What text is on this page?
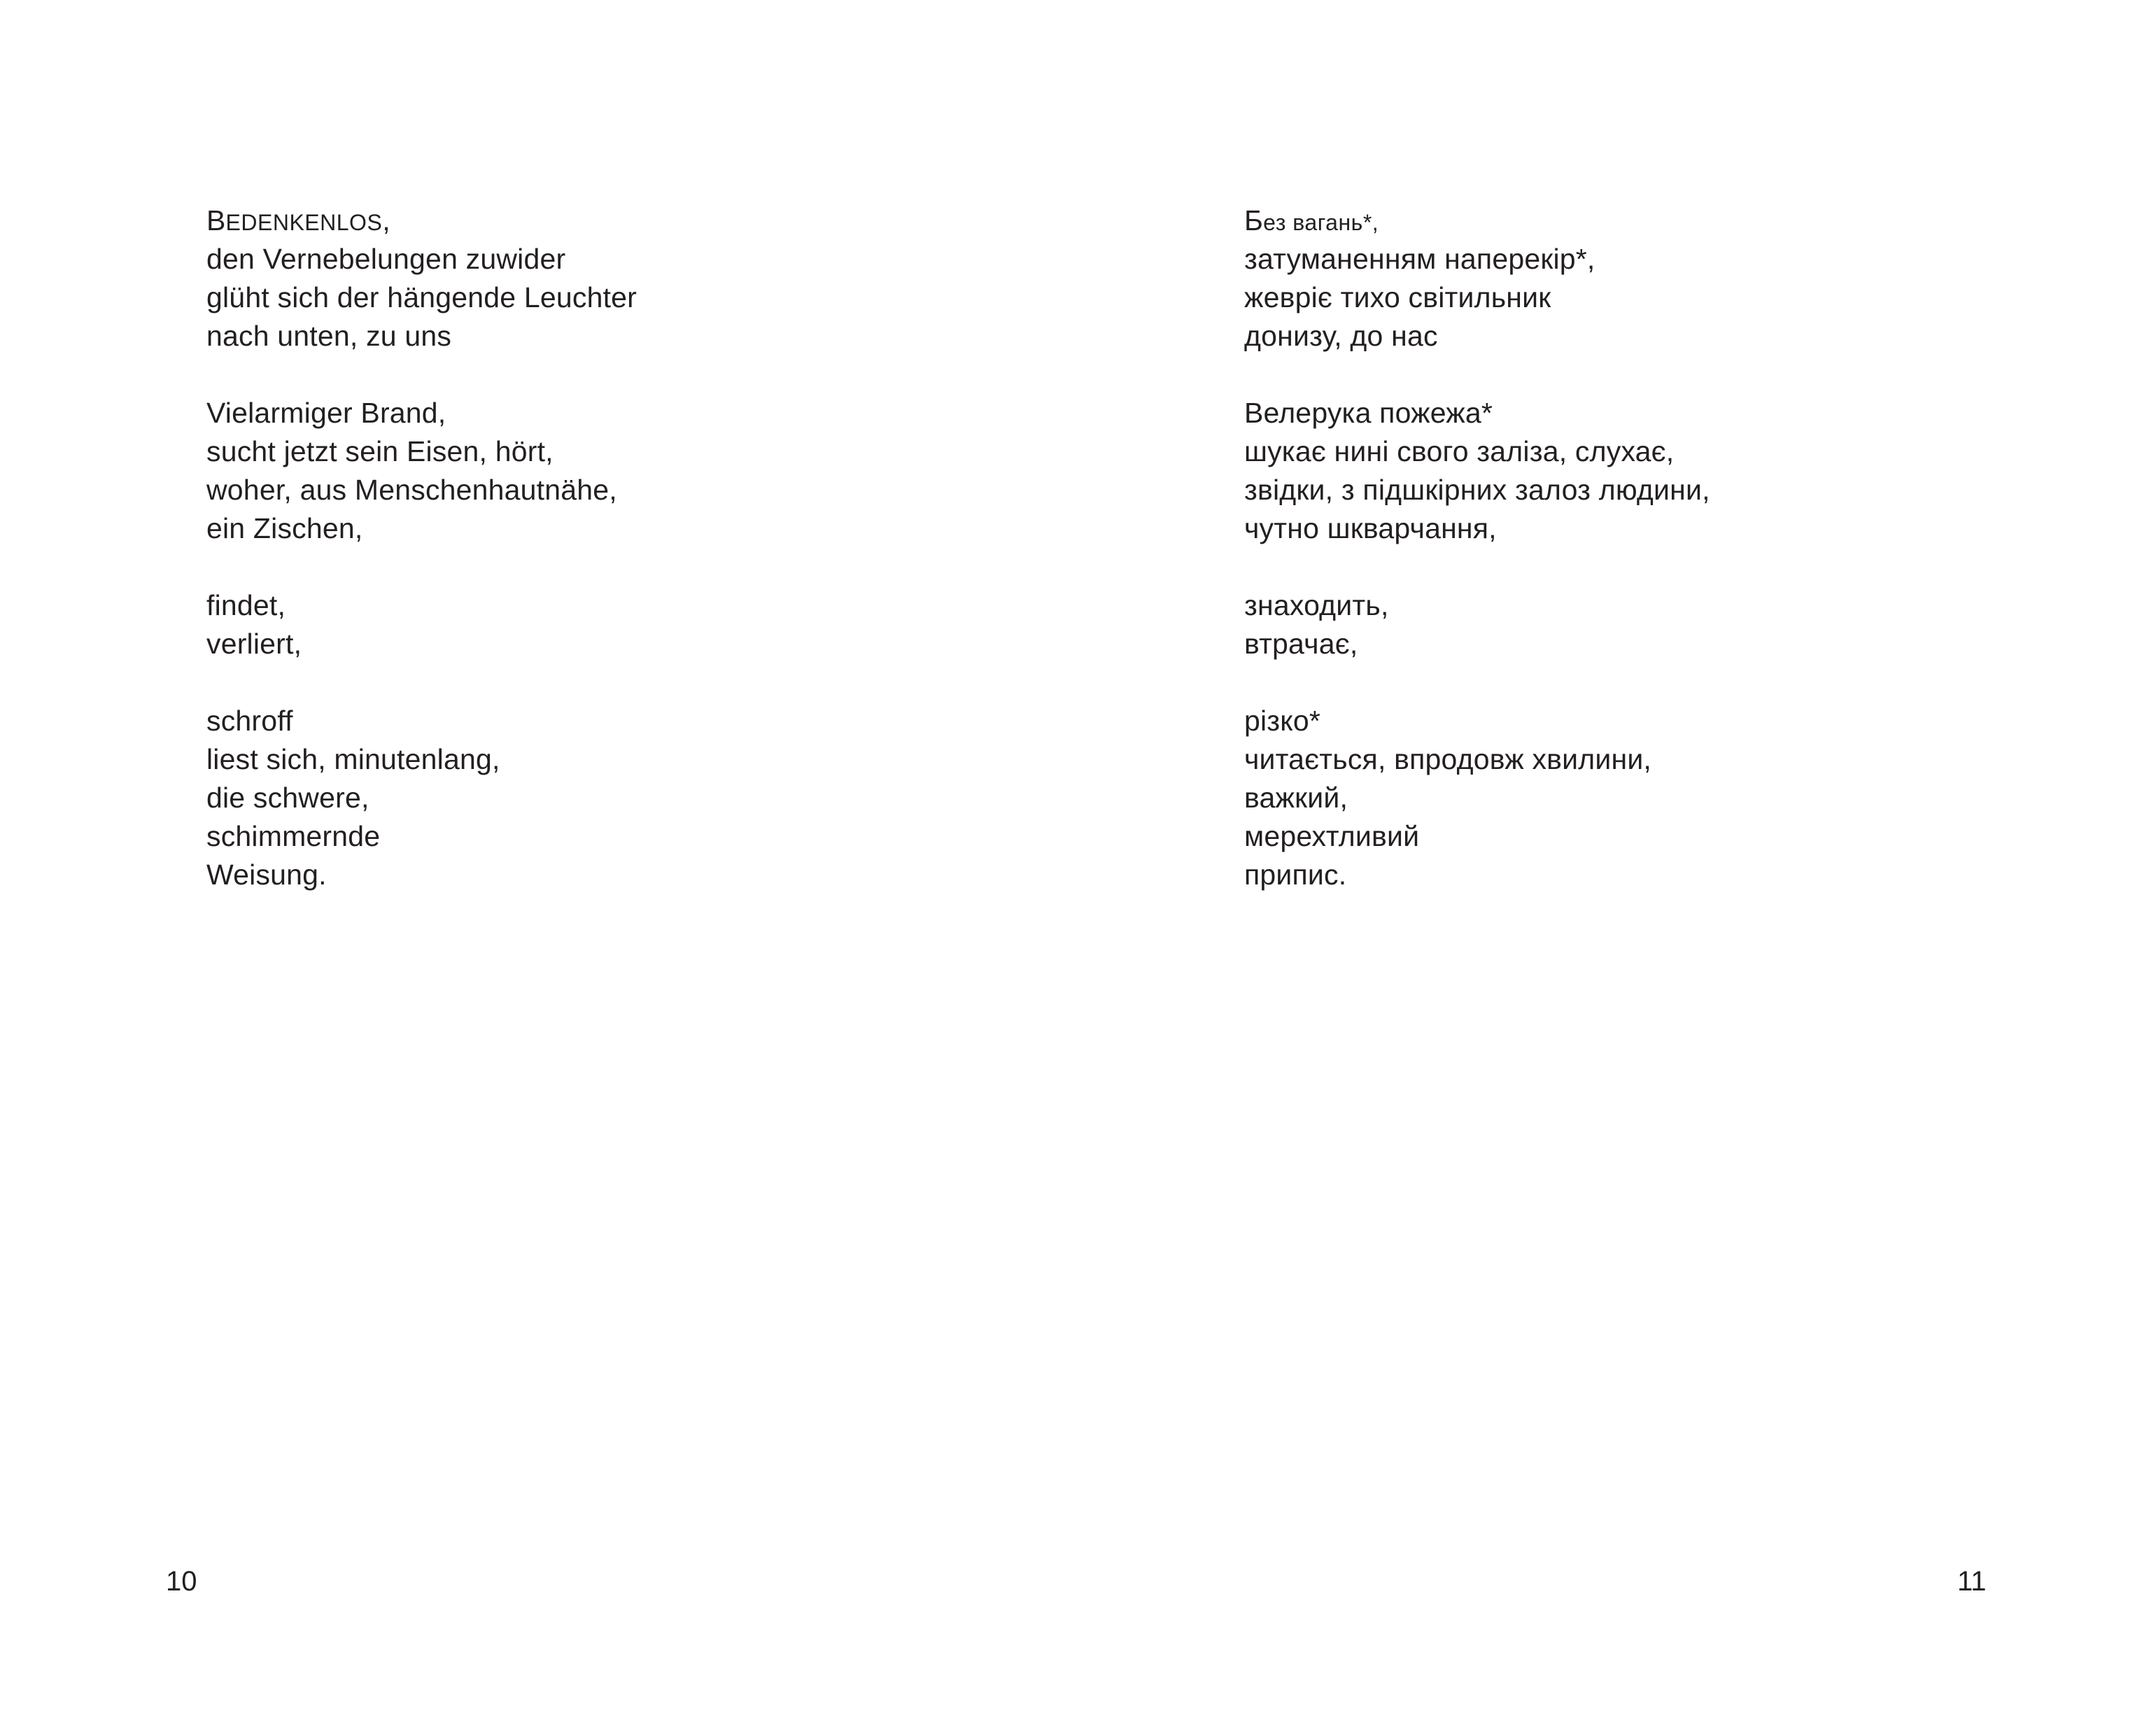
BEDENKENLOS,
den Vernebelungen zuwider
glüht sich der hängende Leuchter
nach unten, zu uns
Vielarmiger Brand,
sucht jetzt sein Eisen, hört,
woher, aus Menschenhautnähe,
ein Zischen,
findet,
verliert,
schroff
liest sich, minutenlang,
die schwere,
schimmernde
Weisung.
Без вагань*,
затуманенням наперекір*,
жевріє тихо світильник
донизу, до нас
Велерука пожежа*
шукає нині свого заліза, слухає,
звідки, з підшкірних залоз людини,
чутно шкварчання,
знаходить,
втрачає,
різко*
читається, впродовж хвилини,
важкий,
мерехтливий
припис.
10	11
